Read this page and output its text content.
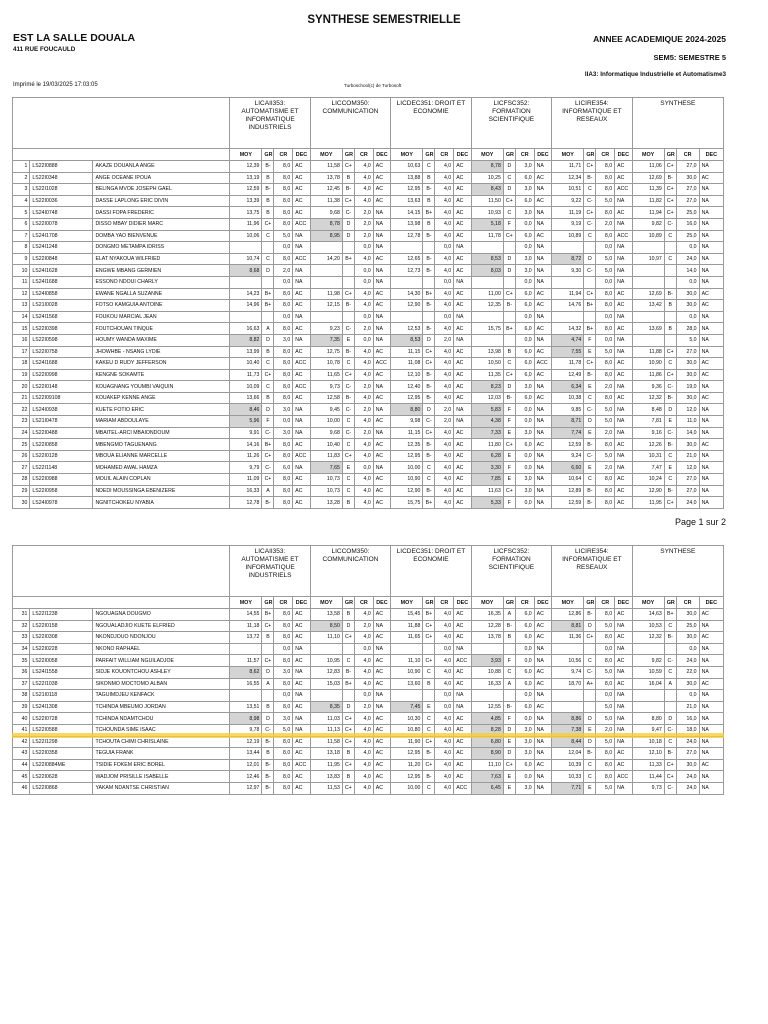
SYNTHESE SEMESTRIELLE
EST LA SALLE DOUALA
411 RUE FOUCAULD
ANNEE ACADEMIQUE 2024-2025
SEM5: SEMESTRE 5
IIA3: Informatique Industrielle et Automatisme3
Imprimé le 19/03/2025 17:03:05	Turboschool(c) de Turbosoft
			LICAII353: AUTOMATISME ET INFORMATIQUE INDUSTRIELS				LICCOM350: COMMUNICATION				LICDEC351: DROIT ET ECONOMIE				LICFSC352: FORMATION SCIENTIFIQUE				LICIRE354: INFORMATIQUE ET RESEAUX				SYNTHESE			
			MOY	GR	CR	DEC	MOY	GR	CR	DEC	MOY	GR	CR	DEC	MOY	GR	CR	DEC	MOY	GR	CR	DEC	MOY	GR	CR	DEC
1	LS22I0888	AKAZE DOUANLA ANGE	12,39	B-	8,0	AC	11,58	C+	4,0	AC	10,63	C	4,0	AC	8,78	D	3,0	NA	11,71	C+	8,0	AC	11,06	C+	27,0	NA
2	LS22I0348	ANGE OCEANE IPOUA	13,19	B	8,0	AC	13,78	B	4,0	AC	13,88	B	4,0	AC	10,25	C	6,0	AC	12,34	B-	8,0	AC	12,69	B-	30,0	AC
3	LS22I1028	BELINGA MVOE JOSEPH GAEL	12,59	B-	8,0	AC	12,45	B-	4,0	AC	12,95	B-	4,0	AC	8,43	D	3,0	NA	10,51	C	8,0	ACC	11,39	C+	27,0	NA
4	LS22I0036	DASSE LAPLONG ERIC DIVIN	13,39	B	8,0	AC	11,38	C+	4,0	AC	13,63	B	4,0	AC	11,50	C+	6,0	AC	9,22	C-	5,0	NA	11,82	C+	27,0	NA
5	LS24I0748	DASSI FOPA FREDERIC	13,75	B	8,0	AC	9,68	C-	2,0	NA	14,15	B+	4,0	AC	10,93	C	3,0	NA	11,19	C+	8,0	AC	11,94	C+	25,0	NA
6	LS22I0078	DISSO MBAY DIDIER MARC	11,96	C+	8,0	ACC	8,78	D	2,0	NA	13,98	B	4,0	AC	5,18	F	0,0	NA	9,19	C-	2,0	NA	9,82	C-	16,0	NA
7	LS24I1708	DOMBA YAO BIENVENUE	10,06	C	5,0	NA	8,95	D	2,0	NA	12,78	B-	4,0	AC	11,78	C+	6,0	AC	10,89	C	8,0	ACC	10,89	C	25,0	NA
8	LS24I1248	DONGMO METAMPA IDRISS			0,0	NA			0,0	NA			0,0	NA			0,0	NA			0,0	NA			0,0	NA
9	LS22I0848	ELAT NYAKOUA WILFRIED	10,74	C	8,0	ACC	14,20	B+	4,0	AC	12,65	B-	4,0	AC	8,53	D	3,0	NA	8,72	D	5,0	NA	10,97	C	24,0	NA
10	LS24I1628	ENGWE MBANG GERMIEN	8,68	D	2,0	NA			0,0	NA	12,73	B-	4,0	AC	8,03	D	3,0	NA	9,30	C-	5,0	NA			14,0	NA
11	LS24I1688	ESSONO NDOUI CHARLY			0,0	NA			0,0	NA			0,0	NA			0,0	NA			0,0	NA			0,0	NA
12	LS24I0858	EWANE NGALLA SUZANNE	14,23	B+	8,0	AC	11,98	C+	4,0	AC	14,30	B+	4,0	AC	11,00	C+	6,0	AC	11,94	C+	8,0	AC	12,69	B-	30,0	AC
13	LS21I0028	FOTSO KAMGUIA ANTOINE	14,96	B+	8,0	AC	12,15	B-	4,0	AC	12,90	B-	4,0	AC	12,35	B-	6,0	AC	14,76	B+	8,0	AC	13,42	B	30,0	AC
14	LS24I1568	FOUKOU MARCIAL JEAN			0,0	NA			0,0	NA			0,0	NA			0,0	NA			0,0	NA			0,0	NA
15	LS22I0398	FOUTCHOUAN TINQUE	16,63	A	8,0	AC	9,23	C-	2,0	NA	12,53	B-	4,0	AC	15,75	B+	6,0	AC	14,32	B+	8,0	AC	13,69	B	28,0	NA
16	LS22I0598	HOUMY WANDA MAXIME	8,82	D	3,0	NA	7,35	E	0,0	NA	8,53	D	2,0	NA			0,0	NA	4,74	F	0,0	NA			5,0	NA
17	LS22I0758	JHOWHBE - NSANG LYDIE	13,99	B	8,0	AC	12,75	B-	4,0	AC	11,15	C+	4,0	AC	13,98	B	6,0	AC	7,55	E	5,0	NA	11,88	C+	27,0	NA
18	LS24I1688	KAKEU D RUDY JEFFERSON	10,40	C	8,0	ACC	10,78	C	4,0	ACC	11,08	C+	4,0	AC	10,50	C	6,0	ACC	11,78	C+	8,0	AC	10,90	C	30,0	AC
19	LS22I0998	KENGNE SOKAMTE	11,73	C+	8,0	AC	11,65	C+	4,0	AC	12,10	B-	4,0	AC	11,35	C+	6,0	AC	12,49	B-	8,0	AC	11,86	C+	30,0	AC
20	LS22I0148	KOUAGNANG YOUMBI VAIQUIN	10,09	C	8,0	ACC	9,73	C-	2,0	NA	12,40	B-	4,0	AC	8,23	D	3,0	NA	6,34	E	2,0	NA	9,36	C-	19,0	NA
21	LS22I09108	KOUAKEP KENNE ANGE	13,66	B	8,0	AC	12,58	B-	4,0	AC	12,95	B-	4,0	AC	12,03	B-	6,0	AC	10,38	C	8,0	AC	12,32	B-	30,0	AC
22	LS24I0938	KUETE FOTIO ERIC	8,46	D	3,0	NA	9,45	C-	2,0	NA	8,80	D	2,0	NA	5,83	F	0,0	NA	9,85	C-	5,0	NA	8,48	D	12,0	NA
23	LS21I0478	MARIAM ABDOULAYE	5,96	F	0,0	NA	10,00	C	4,0	AC	9,98	C-	2,0	NA	4,38	F	0,0	NA	8,71	D	5,0	NA	7,81	E	11,0	NA
24	LS22I0488	MBAITEL-ARCI MBAIONDOUM	9,91	C-	3,0	NA	9,68	C-	2,0	NA	11,15	C+	4,0	AC	7,33	E	3,0	NA	7,74	E	2,0	NA	9,16	C-	14,0	NA
25	LS22I0858	MBENGMO TAGUENANG	14,16	B+	8,0	AC	10,40	C	4,0	AC	12,35	B-	4,0	AC	11,80	C+	6,0	AC	12,59	B-	8,0	AC	12,26	B-	30,0	AC
26	LS22I0128	MBOUA ELIANNE MARCELLE	11,26	C+	8,0	ACC	11,83	C+	4,0	AC	12,95	B-	4,0	AC	6,28	E	0,0	NA	9,24	C-	5,0	NA	10,31	C	21,0	NA
27	LS22I1148	MOHAMED AWAL HAMZA	9,79	C-	6,0	NA	7,65	E	0,0	NA	10,00	C	4,0	AC	3,30	F	0,0	NA	6,60	E	2,0	NA	7,47	E	12,0	NA
28	LS22I0988	MOUIL ALAIN COPLAN	11,09	C+	8,0	AC	10,73	C	4,0	AC	10,90	C	4,0	AC	7,85	E	3,0	NA	10,64	C	8,0	AC	10,24	C	27,0	NA
29	LS22I0958	NDEDI MOUSSINGA EBENIZERE	16,33	A	8,0	AC	10,73	C	4,0	AC	12,90	B-	4,0	AC	11,63	C+	3,0	NA	12,89	B-	8,0	AC	12,90	B-	27,0	NA
30	LS24I0978	NGNITCHOKEU NYABIA	12,78	B-	8,0	AC	13,28	B	4,0	AC	15,75	B+	4,0	AC	5,33	F	0,0	NA	12,59	B-	8,0	AC	11,95	C+	24,0	NA
Page 1 sur 2
			LICAII353: AUTOMATISME ET INFORMATIQUE INDUSTRIELS				LICCOM350: COMMUNICATION				LICDEC351: DROIT ET ECONOMIE				LICFSC352: FORMATION SCIENTIFIQUE				LICIRE354: INFORMATIQUE ET RESEAUX				SYNTHESE			
			MOY	GR	CR	DEC	MOY	GR	CR	DEC	MOY	GR	CR	DEC	MOY	GR	CR	DEC	MOY	GR	CR	DEC	MOY	GR	CR	DEC
31	LS22I1238	NGOUAGNA DOUGMO	14,55	B+	8,0	AC	13,58	B	4,0	AC	15,45	B+	4,0	AC	16,35	A	6,0	AC	12,86	B-	8,0	AC	14,63	B+	30,0	AC
32	LS22I0158	NGOUALADJIO KUETE ELFRIED	11,18	C+	8,0	AC	8,50	D	2,0	NA	11,88	C+	4,0	AC	12,28	B-	6,0	AC	8,81	D	5,0	NA	10,53	C	25,0	NA
33	LS22I0308	NKONDJOUO NDONJOU	13,72	B	8,0	AC	11,10	C+	4,0	AC	11,65	C+	4,0	AC	13,78	B	6,0	AC	11,36	C+	8,0	AC	12,32	B-	30,0	AC
34	LS22I0228	NKONO RAPHAEL			0,0	NA			0,0	NA			0,0	NA			0,0	NA			0,0	NA			0,0	NA
35	LS22I0058	PARFAIT WILLIAM NGUILADJOE	11,57	C+	8,0	AC	10,95	C	4,0	AC	11,10	C+	4,0	ACC	3,93	F	0,0	NA	10,56	C	8,0	AC	9,82	C-	24,0	NA
36	LS24I1558	SIDJE KOUONTCHOU ASHLEY	8,62	D	3,0	NA	12,83	B-	4,0	AC	10,90	C	4,0	AC	10,88	C	6,0	AC	9,74	C-	5,0	NA	10,59	C	22,0	NA
37	LS22I1038	SIKONMO MOCTOMO ALBAN	16,55	A	8,0	AC	15,03	B+	4,0	AC	13,60	B	4,0	AC	16,33	A	6,0	AC	18,70	A+	8,0	AC	16,04	A	30,0	AC
38	LS21I0118	TAGUIMDJEU KENFACK			0,0	NA			0,0	NA			0,0	NA			0,0	NA			0,0	NA			0,0	NA
39	LS24I1308	TCHINDA MBEUMO JORDAN	13,51	B	8,0	AC	8,35	D	2,0	NA	7,45	E	0,0	NA	12,55	B-	6,0	AC			5,0	NA			21,0	NA
40	LS22I0728	TCHINDA NDAMTCHOU	8,98	D	3,0	NA	11,03	C+	4,0	AC	10,30	C	4,0	AC	4,85	F	0,0	NA	8,86	D	5,0	NA	8,80	D	16,0	NA
41	LS22I0588	TCHOUNDA SIME ISAAC	9,78	C-	5,0	NA	11,13	C+	4,0	AC	10,80	C	4,0	AC	8,28	D	3,0	NA	7,38	E	2,0	NA	9,47	C-	18,0	NA
42	LS22I1298	TCHOUTA CHIMI CHRISLAINE	12,19	B-	8,0	AC	11,58	C+	4,0	AC	11,90	C+	4,0	AC	6,80	E	3,0	NA	8,44	D	5,0	NA	10,18	C	24,0	NA
43	LS22I0358	TEGUIA FRANK	13,44	B	8,0	AC	13,18	B	4,0	AC	12,95	B-	4,0	AC	8,90	D	3,0	NA	12,04	B-	8,0	AC	12,10	B-	27,0	NA
44	LS22I0884ME	TSIDIE FOKEM ERIC BOREL	12,01	B-	8,0	ACC	11,95	C+	4,0	AC	11,20	C+	4,0	AC	11,10	C+	6,0	AC	10,39	C	8,0	AC	11,33	C+	30,0	AC
45	LS22I0628	WADJOM PRISILLE ISABELLE	12,46	B-	8,0	AC	13,83	B	4,0	AC	12,95	B-	4,0	AC	7,63	E	0,0	NA	10,33	C	8,0	ACC	11,44	C+	24,0	NA
46	LS22I0868	YAKAM NDANTSE CHRISTIAN	12,97	B-	8,0	AC	11,53	C+	4,0	AC	10,00	C	4,0	ACC	6,45	E	3,0	NA	7,71	E	5,0	NA	9,73	C-	24,0	NA
